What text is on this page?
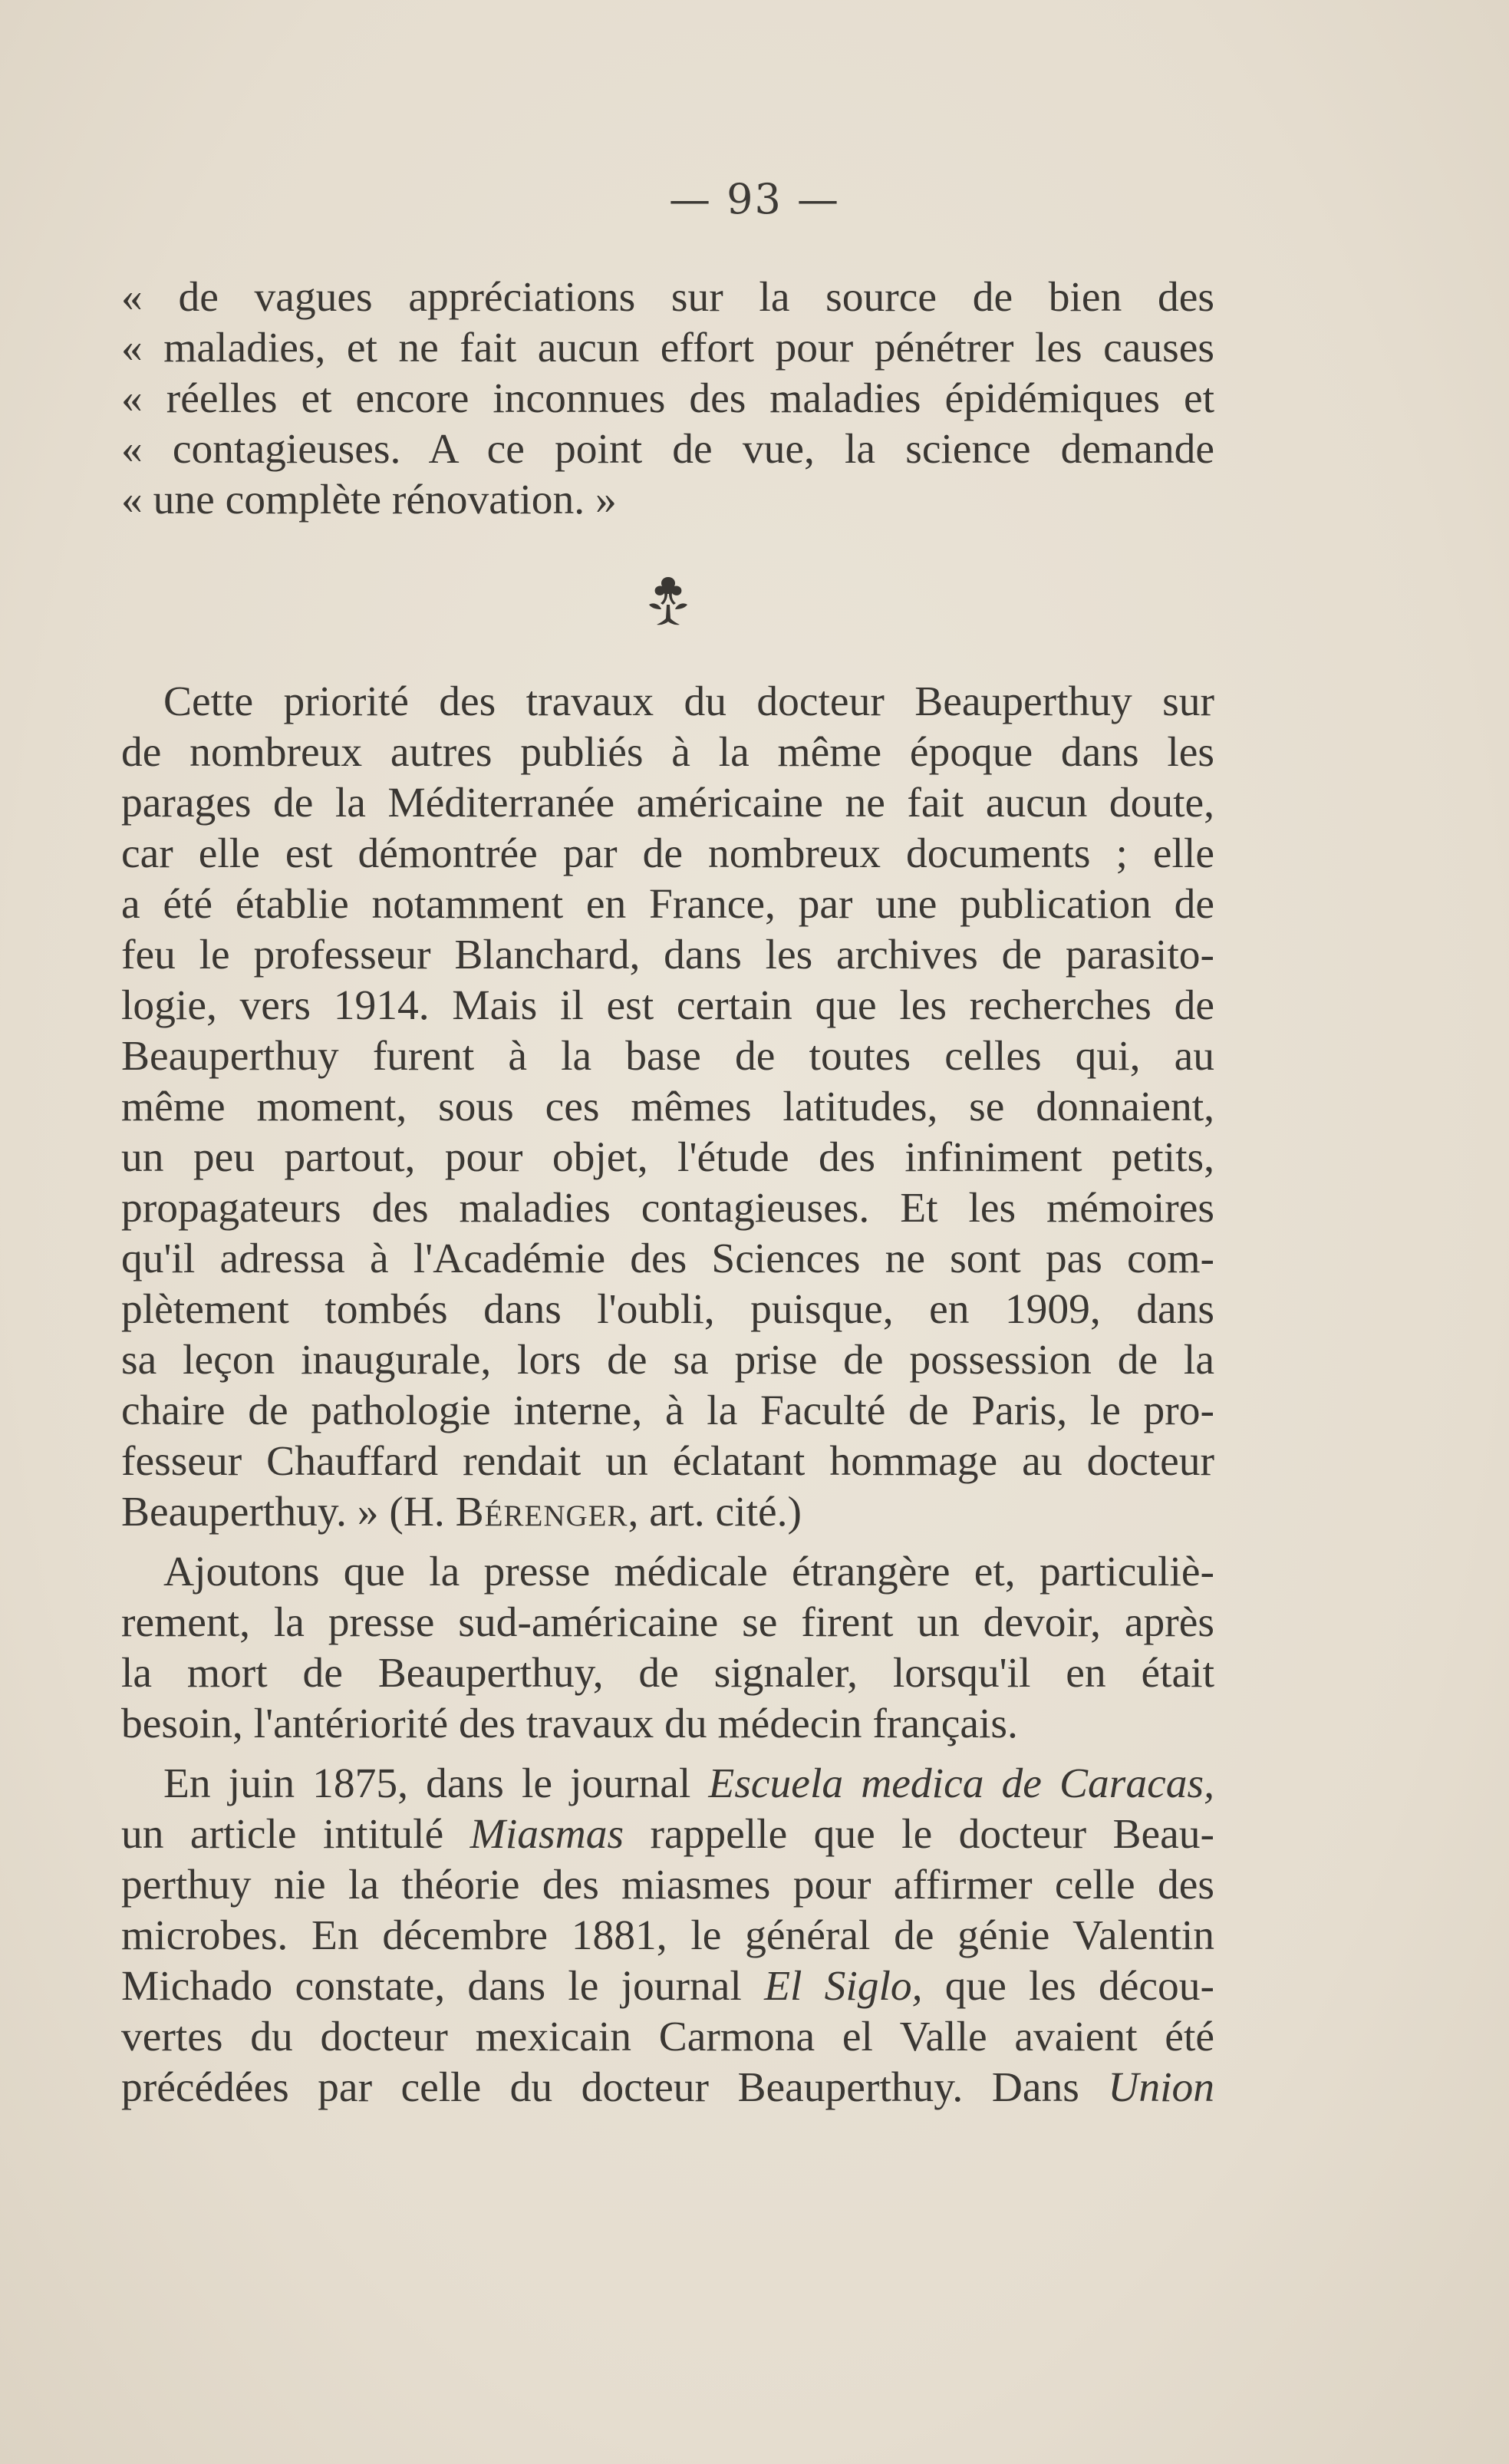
— 93 —
« de vagues appréciations sur la source de bien des
« maladies, et ne fait aucun effort pour pénétrer les causes
« réelles et encore inconnues des maladies épidémiques et
« contagieuses. A ce point de vue, la science demande
« une complète rénovation. »
Cette priorité des travaux du docteur Beauperthuy sur
de nombreux autres publiés à la même époque dans les
parages de la Méditerranée américaine ne fait aucun doute,
car elle est démontrée par de nombreux documents ; elle
a été établie notamment en France, par une publication de
feu le professeur Blanchard, dans les archives de parasito-
logie, vers 1914. Mais il est certain que les recherches de
Beauperthuy furent à la base de toutes celles qui, au
même moment, sous ces mêmes latitudes, se donnaient,
un peu partout, pour objet, l'étude des infiniment petits,
propagateurs des maladies contagieuses. Et les mémoires
qu'il adressa à l'Académie des Sciences ne sont pas com-
plètement tombés dans l'oubli, puisque, en 1909, dans
sa leçon inaugurale, lors de sa prise de possession de la
chaire de pathologie interne, à la Faculté de Paris, le pro-
fesseur Chauffard rendait un éclatant hommage au docteur
Beauperthuy. » (H. Bérenger, art. cité.)
Ajoutons que la presse médicale étrangère et, particuliè-
rement, la presse sud-américaine se firent un devoir, après
la mort de Beauperthuy, de signaler, lorsqu'il en était
besoin, l'antériorité des travaux du médecin français.
En juin 1875, dans le journal Escuela medica de Caracas,
un article intitulé Miasmas rappelle que le docteur Beau-
perthuy nie la théorie des miasmes pour affirmer celle des
microbes. En décembre 1881, le général de génie Valentin
Michado constate, dans le journal El Siglo, que les décou-
vertes du docteur mexicain Carmona el Valle avaient été
précédées par celle du docteur Beauperthuy. Dans Union
